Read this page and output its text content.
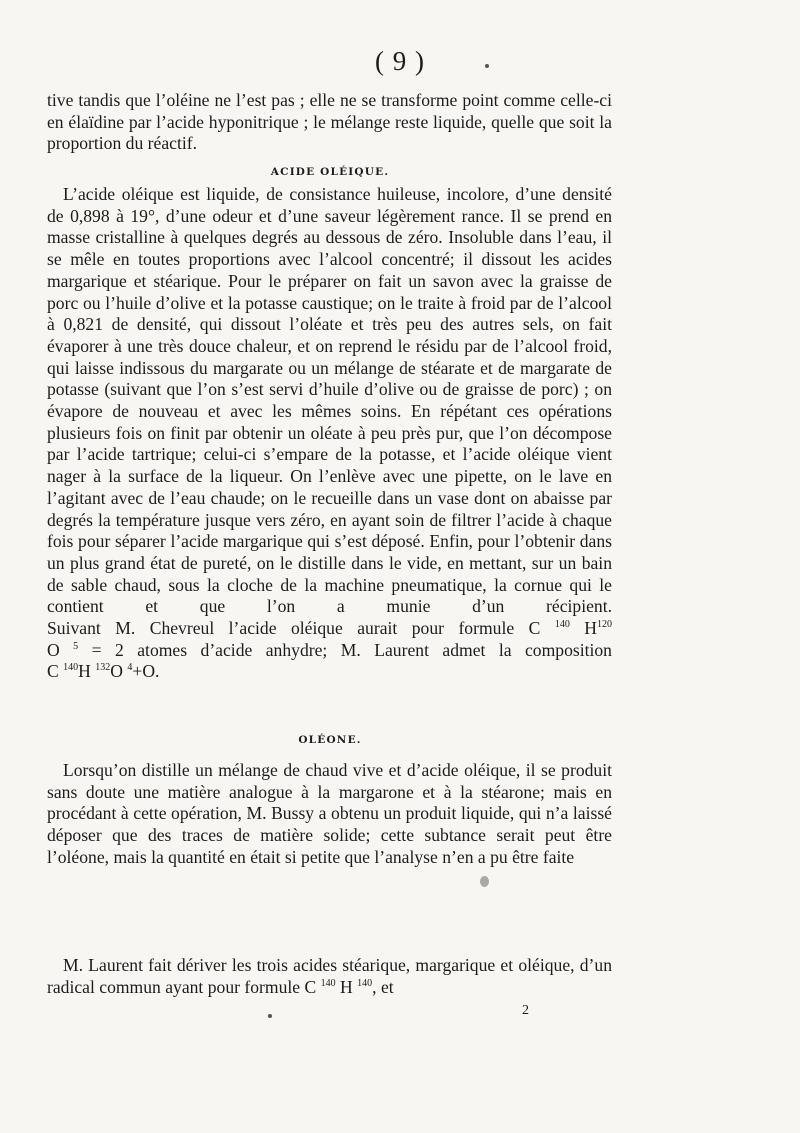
( 9 )

tive tandis que l’oléine ne l’est pas ; elle ne se transforme point comme celle-ci en élaïdine par l’acide hyponitrique ; le mélange reste liquide, quelle que soit la proportion du réactif.

ACIDE OLÉIQUE.

L’acide oléique est liquide, de consistance huileuse, incolore, d’une densité de 0,898 à 19°, d’une odeur et d’une saveur légèrement rance. Il se prend en masse cristalline à quelques degrés au dessous de zéro. Insoluble dans l’eau, il se mêle en toutes proportions avec l’alcool concentré; il dissout les acides margarique et stéarique. Pour le préparer on fait un savon avec la graisse de porc ou l’huile d’olive et la potasse caustique; on le traite à froid par de l’alcool à 0,821 de densité, qui dissout l’oléate et très peu des autres sels, on fait évaporer à une très douce chaleur, et on reprend le résidu par de l’alcool froid, qui laisse indissous du margarate ou un mélange de stéarate et de margarate de potasse (suivant que l’on s’est servi d’huile d’olive ou de graisse de porc) ; on évapore de nouveau et avec les mêmes soins. En répétant ces opérations plusieurs fois on finit par obtenir un oléate à peu près pur, que l’on décompose par l’acide tartrique; celui-ci s’empare de la potasse, et l’acide oléique vient nager à la surface de la liqueur. On l’enlève avec une pipette, on le lave en l’agitant avec de l’eau chaude; on le recueille dans un vase dont on abaisse par degrés la température jusque vers zéro, en ayant soin de filtrer l’acide à chaque fois pour séparer l’acide margarique qui s’est déposé. Enfin, pour l’obtenir dans un plus grand état de pureté, on le distille dans le vide, en mettant, sur un bain de sable chaud, sous la cloche de la machine pneumatique, la cornue qui le contient et que l’on a munie d’un récipient.

Suivant M. Chevreul l’acide oléique aurait pour formule C $^{140}$ $H^{120}$

O $^5$ = 2 atomes d’acide anhydre; M. Laurent admet la composition

C $^{140}$H $^{132}$O $^4$+O.

OLÉONE.

Lorsqu’on distille un mélange de chaud vive et d’acide oléique, il se produit sans doute une matière analogue à la margarone et à la stéarone; mais en procédant à cette opération, M. Bussy a obtenu un produit liquide, qui n’a laissé déposer que des traces de matière solide; cette subtance serait peut être l’oléone, mais la quantité en était si petite que l’analyse n’en a pu être faite

M. Laurent fait dériver les trois acides stéarique, margarique et oléique, d’un radical commun ayant pour formule C $^{140}$ H $^{140}$, et

2
